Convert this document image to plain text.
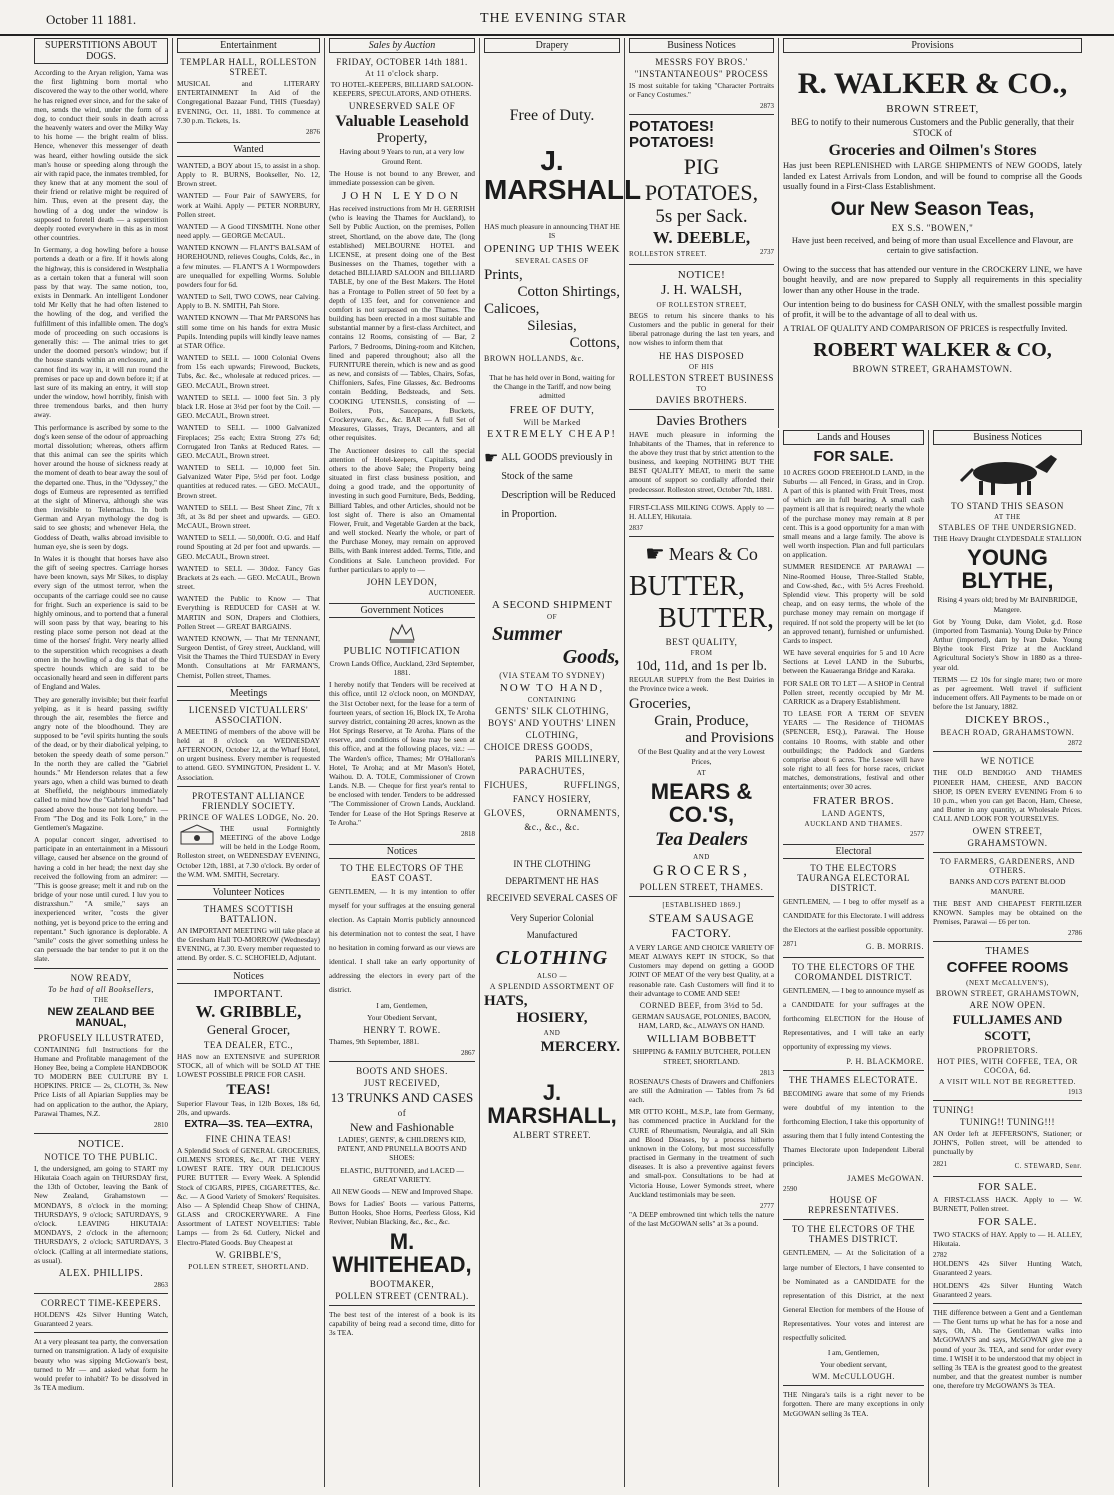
October 11 1881.	THE EVENING STAR
SUPERSTITIONS ABOUT DOGS.

According to the Aryan religion, Yama was the first lightning born mortal who discovered the way to the other world, where he has reigned ever since, and for the sake of men, sends the wind, under the form of a dog, to conduct their souls in death across the heavenly waters and over the Milky Way to his home — the bright realm of bliss. Hence, whenever this messenger of death was heard, either howling outside the sick man's house or speeding along through the air with rapid pace, the inmates trembled, for they knew that at any moment the soul of their friend or relative might be required of him. Thus, even at the present day, the howling of a dog under the window is supposed to foretell death — a superstition deeply rooted everywhere in this as in most other countries.

In Germany, a dog howling before a house portends a death or a fire. If it howls along the highway, this is considered in Westphalia as a certain token that a funeral will soon pass by that way. The same notion, too, exists in Denmark. An intelligent Londoner told Mr Kelly that he had often listened to the howling of the dog, and verified the fulfillment of this infallible omen. The dog's mode of proceeding on such occasions is generally this: — The animal tries to get under the doomed person's window; but if the house stands within an enclosure, and it cannot find its way in, it will run round the premises or pace up and down before it; if at last sure of its making an entry, it will stop under the window, howl horribly, finish with three tremendous barks, and then hurry away.

This performance is ascribed by some to the dog's keen sense of the odour of approaching mortal dissolution; whereas, others affirm that this animal can see the spirits which hover around the house of sickness ready at the moment of death to bear away the soul of the departed one. Thus, in the "Odyssey," the dogs of Eumeus are represented as terrified at the sight of Minerva, although she was then invisible to Telemachus. In both German and Aryan mythology the dog is said to see ghosts; and whenever Hela, the Goddess of Death, walks abroad invisible to human eye, she is seen by dogs.

In Wales it is thought that horses have also the gift of seeing spectres. Carriage horses have been known, says Mr Sikes, to display every sign of the utmost terror, when the occupants of the carriage could see no cause for fright. Such an experience is said to be highly ominous, and to portend that a funeral will soon pass by that way, bearing to his resting place some person not dead at the time of the horses' fright. Very nearly allied to the superstition which recognises a death omen in the howling of a dog is that of the spectre hounds which are said to be occasionally heard and seen in different parts of England and Wales.

They are generally invisible; but their fearful yelping, as it is heard passing swiftly through the air, resembles the fierce and angry note of the bloodhound. They are supposed to be "evil spirits hunting the souls of the dead, or by their diabolical yelping, to betoken the speedy death of some person." In the north they are called the "Gabriel hounds." Mr Henderson relates that a few years ago, when a child was burned to death at Sheffield, the neighbours immediately called to mind how the "Gabriel hounds" had passed above the house not long before. — From "The Dog and its Folk Lore," in the Gentlemen's Magazine.

A popular concert singer, advertised to participate in an entertainment in a Missouri village, caused her absence on the ground of having a cold in her head; the next day she received the following from an admirer: — "This is goose grease; melt it and rub on the bridge of your nose until cured. I luv you to distraxshun." "A smile," says an inexperienced writer, "costs the giver nothing, yet is beyond price to the erring and repentant." Such ignorance is deplorable. A "smile" costs the giver something unless he can persuade the bar tender to put it on the slate.

NOW READY,
To be had of all Booksellers,
THE
NEW ZEALAND BEE MANUAL,
PROFUSELY ILLUSTRATED,

CONTAINING full Instructions for the Humane and Profitable management of the Honey Bee, being a Complete HANDBOOK TO MODERN BEE CULTURE BY I. HOPKINS. PRICE — 2s, CLOTH, 3s. New Price Lists of all Apiarian Supplies may be had on application to the author, the Apiary, Parawai Thames, N.Z.

2810
NOTICE.
NOTICE TO THE PUBLIC.

I, the undersigned, am going to START my Hikutaia Coach again on THURSDAY first, the 13th of October, leaving the Bank of New Zealand, Grahamstown — MONDAYS, 8 o'clock in the morning; THURSDAYS, 9 o'clock; SATURDAYS, 9 o'clock. LEAVING HIKUTAIA: MONDAYS, 2 o'clock in the afternoon; THURSDAYS, 2 o'clock; SATURDAYS, 3 o'clock. (Calling at all intermediate stations, as usual).

ALEX. PHILLIPS.
2863
CORRECT TIME-KEEPERS.

HOLDEN'S 42s Silver Hunting Watch, Guaranteed 2 years.

At a very pleasant tea party, the conversation turned on transmigration. A lady of exquisite beauty who was sipping McGowan's best, turned to Mr — and asked what form he would prefer to inhabit? To be dissolved in 3s TEA medium.

Entertainment
TEMPLAR HALL, ROLLESTON STREET.

MUSICAL and LITERARY ENTERTAINMENT In Aid of the Congregational Bazaar Fund, THIS (Tuesday) EVENING, Oct. 11, 1881. To commence at 7.30 p.m. Tickets, 1s.

2876
Wanted

WANTED, a BOY about 15, to assist in a shop. Apply to R. BURNS, Bookseller, No. 12, Brown street.

WANTED — Four Pair of SAWYERS, for work at Waihi. Apply — PETER NORBURY, Pollen street.

WANTED — A Good TINSMITH. None other need apply. — GEORGE McCAUL.

WANTED KNOWN — FLANT'S BALSAM of HOREHOUND, relieves Coughs, Colds, &c., in a few minutes. — FLANT'S A 1 Wormpowders are unequalled for expelling Worms. Soluble powders four for 6d.

WANTED to Sell, TWO COWS, near Calving. Apply to B. N. SMITH, Pah Store.

WANTED KNOWN — That Mr PARSONS has still some time on his hands for extra Music Pupils. Intending pupils will kindly leave names at STAR Office.

WANTED to SELL — 1000 Colonial Ovens from 15s each upwards; Firewood, Buckets, Tubs, &c. &c., wholesale at reduced prices. — GEO. McCAUL, Brown street.

WANTED to SELL — 1000 feet 5in. 3 ply black I.R. Hose at 3½d per foot by the Coil. — GEO. McCAUL, Brown street.

WANTED to SELL — 1000 Galvanized Fireplaces; 25s each; Extra Strong 27s 6d; Corrugated Iron Tanks at Reduced Rates. — GEO. McCAUL, Brown street.

WANTED to SELL — 10,000 feet 5in. Galvanized Water Pipe, 5½d per foot. Lodge quantities at reduced rates. — GEO. McCAUL, Brown street.

WANTED to SELL — Best Sheet Zinc, 7ft x 3ft, at 3s 8d per sheet and upwards. — GEO. McCAUL, Brown street.

WANTED to SELL — 50,000ft. O.G. and Half round Spouting at 2d per foot and upwards. — GEO. McCAUL, Brown street.

WANTED to SELL — 30doz. Fancy Gas Brackets at 2s each. — GEO. McCAUL, Brown street.

WANTED the Public to Know — That Everything is REDUCED for CASH at W. MARTIN and SON, Drapers and Clothiers, Pollen Street — GREAT BARGAINS.

WANTED KNOWN, — That Mr TENNANT, Surgeon Dentist, of Grey street, Auckland, will Visit the Thames the Third TUESDAY in Every Month. Consultations at Mr FARMAN'S, Chemist, Pollen street, Thames.

Meetings
LICENSED VICTUALLERS' ASSOCIATION.

A MEETING of members of the above will be held at 8 o'clock on WEDNESDAY AFTERNOON, October 12, at the Wharf Hotel, on urgent business. Every member is requested to attend. GEO. SYMINGTON, President L. V. Association.

PROTESTANT ALLIANCE FRIENDLY SOCIETY.
PRINCE OF WALES LODGE, No. 20.

THE usual Fortnightly MEETING of the above Lodge will be held in the Lodge Room, Rolleston street, on WEDNESDAY EVENING, October 12th, 1881, at 7.30 o'clock. By order of the W.M. WM. SMITH, Secretary.

Volunteer Notices
THAMES SCOTTISH BATTALION.

AN IMPORTANT MEETING will take place at the Gresham Hall TO-MORROW (Wednesday) EVENING, at 7.30. Every member requested to attend. By order. S. C. SCHOFIELD, Adjutant.

Notices
IMPORTANT.
W. GRIBBLE,
General Grocer,
TEA DEALER, ETC.,

HAS now an EXTENSIVE and SUPERIOR STOCK, all of which will be SOLD AT THE LOWEST POSSIBLE PRICE FOR CASH.

TEAS!

Superior Flavour Teas, in 12lb Boxes, 18s 6d, 20s, and upwards.

EXTRA—3S. TEA—EXTRA,
FINE CHINA TEAS!

A Splendid Stock of GENERAL GROCERIES, OILMEN'S STORES, &c., AT THE VERY LOWEST RATE. TRY OUR DELICIOUS PURE BUTTER — Every Week. A Splendid Stock of CIGARS, PIPES, CIGARETTES, &c. &c. — A Good Variety of Smokers' Requisites. Also — A Splendid Cheap Show of CHINA, GLASS and CROCKERYWARE. A Fine Assortment of LATEST NOVELTIES: Table Lamps — from 2s 6d. Cutlery, Nickel and Electro-Plated Goods. Buy Cheapest at

W. GRIBBLE'S,
POLLEN STREET, SHORTLAND.
Sales by Auction
FRIDAY, OCTOBER 14th 1881.
At 11 o'clock sharp.

TO HOTEL-KEEPERS, BILLIARD SALOON-KEEPERS, SPECULATORS, AND OTHERS.

UNRESERVED SALE OF
Valuable Leasehold
Property,

Having about 9 Years to run, at a very low Ground Rent.

The House is not bound to any Brewer, and immediate possession can be given.

JOHN LEYDON

Has received instructions from Mr H. GERRISH (who is leaving the Thames for Auckland), to Sell by Public Auction, on the premises, Pollen street, Shortland, on the above date, The (long established) MELBOURNE HOTEL and LICENSE, at present doing one of the Best Businesses on the Thames, together with a detached BILLIARD SALOON and BILLIARD TABLE, by one of the Best Makers. The Hotel has a Frontage to Pollen street of 50 feet by a depth of 135 feet, and for convenience and comfort is not surpassed on the Thames. The building has been erected in a most suitable and substantial manner by a first-class Architect, and contains 12 Rooms, consisting of — Bar, 2 Parlors, 7 Bedrooms, Dining-room and Kitchen, lined and papered throughout; also all the FURNITURE therein, which is new and as good as new, and consists of — Tables, Chairs, Sofas, Chiffoniers, Safes, Fine Glasses, &c. Bedrooms contain Bedding, Bedsteads, and Sets. COOKING UTENSILS, consisting of — Boilers, Pots, Saucepans, Buckets, Crockeryware, &c., &c. BAR — A full Set of Measures, Glasses, Trays, Decanters, and all other requisites.

The Auctioneer desires to call the special attention of Hotel-keepers, Capitalists, and others to the above Sale; the Property being situated in first class business position, and doing a good trade, and the opportunity of investing in such good Furniture, Beds, Bedding, Billiard Tables, and other Articles, should not be lost sight of. There is also an Ornamental Flower, Fruit, and Vegetable Garden at the back, and well stocked. Nearly the whole, or part of the Purchase Money, may remain on approved Bills, with Bank interest added. Terms, Title, and Conditions at Sale. Luncheon provided. For further particulars to apply to —

JOHN LEYDON,
AUCTIONEER.
Government Notices
PUBLIC NOTIFICATION

Crown Lands Office, Auckland, 23rd September, 1881.

I hereby notify that Tenders will be received at this office, until 12 o'clock noon, on MONDAY, the 31st October next, for the lease for a term of fourteen years, of section 16, Block IX, Te Aroha survey district, containing 20 acres, known as the Hot Springs Reserve, at Te Aroha. Plans of the reserve, and conditions of lease may be seen at this office, and at the following places, viz.: — The Warden's office, Thames; Mr O'Halloran's Hotel, Te Aroha; and at Mr Mason's Hotel, Waihou. D. A. TOLE, Commissioner of Crown Lands. N.B. — Cheque for first year's rental to be enclosed with tender. Tenders to be addressed "The Commissioner of Crown Lands, Auckland. Tender for Lease of the Hot Springs Reserve at Te Aroha."

2818
Notices
TO THE ELECTORS OF THE EAST COAST.

GENTLEMEN, — It is my intention to offer myself for your suffrages at the ensuing general election. As Captain Morris publicly announced his determination not to contest the seat, I have no hesitation in coming forward as our views are identical. I shall take an early opportunity of addressing the electors in every part of the district.

I am, Gentlemen,

Your Obedient Servant,

HENRY T. ROWE.

Thames, 9th September, 1881.

2867
BOOTS AND SHOES.
JUST RECEIVED,
13 TRUNKS AND CASES
of
New and Fashionable

LADIES', GENTS', & CHILDREN'S KID, PATENT, AND PRUNELLA BOOTS AND SHOES:

ELASTIC, BUTTONED, and LACED — GREAT VARIETY.

All NEW Goods — NEW and Improved Shape.

Bows for Ladies' Boots — various Patterns, Button Hooks, Shoe Horns, Peerless Gloss, Kid Reviver, Nubian Blacking, &c., &c., &c.

M. WHITEHEAD,
BOOTMAKER,
POLLEN STREET (CENTRAL).

The best test of the interest of a book is its capability of being read a second time, ditto for 3s TEA.

Drapery
Free of Duty.
J. MARSHALL

HAS much pleasure in announcing THAT HE IS

OPENING UP THIS WEEK
SEVERAL CASES OF
Prints,
Cotton Shirtings,
Calicoes,
Silesias,
Cottons,
BROWN HOLLANDS, &c.

That he has held over in Bond, waiting for the Change in the Tariff, and now being admitted

FREE OF DUTY,
Will be Marked
EXTREMELY CHEAP!
☛ ALL GOODS previously in Stock of the same Description will be Reduced in Proportion.

A SECOND SHIPMENT
OF
Summer
Goods,
(VIA STEAM TO SYDNEY)
NOW TO HAND,
CONTAINING
GENTS' SILK CLOTHING,
BOYS' AND YOUTHS' LINEN
CLOTHING,
CHOICE DRESS GOODS,
PARIS MILLINERY,
PARACHUTES,
FICHUES,	RUFFLINGS,
FANCY HOSIERY,
GLOVES,	ORNAMENTS,
&c., &c., &c.

IN THE CLOTHING DEPARTMENT HE HAS RECEIVED SEVERAL CASES OF

Very Superior Colonial Manufactured

CLOTHING
ALSO —
A SPLENDID ASSORTMENT OF
HATS,
HOSIERY,
AND
MERCERY.
J. MARSHALL,
ALBERT STREET.
Business Notices
MESSRS FOY BROS.'
"INSTANTANEOUS" PROCESS

IS most suitable for taking "Character Portraits or Fancy Costumes."

2873
POTATOES! POTATOES!
PIG POTATOES,
5s per Sack.
W. DEEBLE,
ROLLESTON STREET.	2737
NOTICE!
J. H. WALSH,
OF ROLLESTON STREET,

BEGS to return his sincere thanks to his Customers and the public in general for their liberal patronage during the last ten years, and now wishes to inform them that

HE HAS DISPOSED
OF HIS
ROLLESTON STREET BUSINESS
TO
DAVIES BROTHERS.
Davies Brothers

HAVE much pleasure in informing the Inhabitants of the Thames, that in reference to the above they trust that by strict attention to the business, and keeping NOTHING BUT THE BEST QUALITY MEAT, to merit the same amount of support so cordially afforded their predecessor. Rolleston street, October 7th, 1881.

FIRST-CLASS MILKING COWS. Apply to — H. ALLEY, Hikutaia.

2837
☛ Mears & Co
BUTTER,
BUTTER,
BEST QUALITY,
FROM
10d, 11d, and 1s per lb.

REGULAR SUPPLY from the Best Dairies in the Province twice a week.

Groceries,
Grain, Produce,
and Provisions

Of the Best Quality and at the very Lowest Prices,

AT
MEARS & CO.'S,
Tea Dealers
AND
GROCERS,
POLLEN STREET, THAMES.
[ESTABLISHED 1869.]
STEAM SAUSAGE FACTORY.

A VERY LARGE AND CHOICE VARIETY OF MEAT ALWAYS KEPT IN STOCK, So that Customers may depend on getting a GOOD JOINT OF MEAT Of the very best Quality, at a reasonable rate. Cash Customers will find it to their advantage to COME AND SEE!

CORNED BEEF, from 3½d to 5d.

GERMAN SAUSAGE, POLONIES, BACON, HAM, LARD, &c., ALWAYS ON HAND.

WILLIAM BOBBETT

SHIPPING & FAMILY BUTCHER, POLLEN STREET, SHORTLAND.

2813

ROSENAU'S Chests of Drawers and Chiffoniers are still the Admiration — Tables from 7s 6d each.

MR OTTO KOHL, M.S.P., late from Germany, has commenced practice in Auckland for the CURE of Rheumatism, Neuralgia, and all Skin and Blood Diseases, by a process hitherto unknown in the Colony, but most successfully practised in Germany in the treatment of such diseases. It is also a preventive against fevers and small-pox. Consultations to be had at Victoria House, Lower Symonds street, where Auckland testimonials may be seen.

2777

"A DEEP embrowned tint which tells the nature of the last McGOWAN sells" at 3s a pound.

Lands and Houses
FOR SALE.

10 ACRES GOOD FREEHOLD LAND, in the Suburbs — all Fenced, in Grass, and in Crop. A part of this is planted with Fruit Trees, most of which are in full bearing. A small cash payment is all that is required; nearly the whole of the purchase money may remain at 8 per cent. This is a good opportunity for a man with small means and a large family. The above is well worth inspection. Plan and full particulars on application.

SUMMER RESIDENCE AT PARAWAI — Nine-Roomed House, Three-Stalled Stable, and Cow-shed, &c., with 5½ Acres Freehold. Splendid view. This property will be sold cheap, and on easy terms, the whole of the purchase money may remain on mortgage if required. If not sold the property will be let (to an approved tenant), furnished or unfurnished. Cards to inspect.

WE have several enquiries for 5 and 10 Acre Sections at Level LAND in the Suburbs, between the Kauaeranga Bridge and Karaka.

FOR SALE OR TO LET — A SHOP in Central Pollen street, recently occupied by Mr M. CARRICK as a Drapery Establishment.

TO LEASE FOR A TERM OF SEVEN YEARS — The Residence of THOMAS (SPENCER, ESQ.), Parawai. The House contains 10 Rooms, with stable and other outbuildings; the Paddock and Gardens comprise about 6 acres. The Lessee will have sole right to all fees for horse races, cricket matches, demonstrations, festival and other entertainments; over 30 acres.

FRATER BROS.
LAND AGENTS,
AUCKLAND AND THAMES.
2577
Electoral
TO THE ELECTORS TAURANGA ELECTORAL DISTRICT.

GENTLEMEN, — I beg to offer myself as a CANDIDATE for this Electorate. I will address the Electors at the earliest possible opportunity.

2871	G. B. MORRIS.
TO THE ELECTORS OF THE COROMANDEL DISTRICT.

GENTLEMEN, — I beg to announce myself as a CANDIDATE for your suffrages at the forthcoming ELECTION for the House of Representatives, and I will take an early opportunity of expressing my views.

P. H. BLACKMORE.
THE THAMES ELECTORATE.

BECOMING aware that some of my Friends were doubtful of my intention to the forthcoming Election, I take this opportunity of assuring them that I fully intend Contesting the Thames Electorate upon Independent Liberal principles.

JAMES McGOWAN.
2590
HOUSE OF REPRESENTATIVES.
TO THE ELECTORS OF THE THAMES DISTRICT.

GENTLEMEN, — At the Solicitation of a large number of Electors, I have consented to be Nominated as a CANDIDATE for the representation of this District, at the next General Election for members of the House of Representatives. Your votes and interest are respectfully solicited.

I am, Gentlemen,

Your obedient servant,

WM. McCULLOUGH.

THE Ningara's tails is a right never to be forgotten. There are many exceptions in only McGOWAN selling 3s TEA.

Provisions
R. WALKER & CO.,
BROWN STREET,

BEG to notify to their numerous Customers and the Public generally, that their STOCK of

Groceries and Oilmen's Stores

Has just been REPLENISHED with LARGE SHIPMENTS of NEW GOODS, lately landed ex Latest Arrivals from London, and will be found to comprise all the Goods usually found in a First-Class Establishment.

Our New Season Teas,
EX S.S. "BOWEN,"

Have just been received, and being of more than usual Excellence and Flavour, are certain to give satisfaction.

Owing to the success that has attended our venture in the CROCKERY LINE, we have bought heavily, and are now prepared to Supply all requirements in this speciality lower than any other House in the trade.

Our intention being to do business for CASH ONLY, with the smallest possible margin of profit, it will be to the advantage of all to deal with us.

A TRIAL OF QUALITY AND COMPARISON OF PRICES is respectfully Invited.

ROBERT WALKER & CO,
BROWN STREET, GRAHAMSTOWN.
Business Notices
TO STAND THIS SEASON
AT THE
STABLES OF THE UNDERSIGNED.

THE Heavy Draught CLYDESDALE STALLION

YOUNG BLYTHE,

Rising 4 years old; bred by Mr BAINBRIDGE, Mangere.

Got by Young Duke, dam Violet, g.d. Rose (imported from Tasmania). Young Duke by Prince Arthur (imported), dam by Ivan Duke. Young Blythe took First Prize at the Auckland Agricultural Society's Show in 1880 as a three-year old.

TERMS — £2 10s for single mare; two or more as per agreement. Well travel if sufficient inducement offers. All Payments to be made on or before the 1st January, 1882.

DICKEY BROS.,
BEACH ROAD, GRAHAMSTOWN.
2872
WE NOTICE

THE OLD BENDIGO AND THAMES PIONEER HAM, CHEESE, AND BACON SHOP, IS OPEN EVERY EVENING From 6 to 10 p.m., when you can get Bacon, Ham, Cheese, and Butter in any quantity, at Wholesale Prices. CALL AND LOOK FOR YOURSELVES.

OWEN STREET,
GRAHAMSTOWN.
TO FARMERS, GARDENERS, AND OTHERS.

BANKS AND CO'S PATENT BLOOD MANURE.

THE BEST AND CHEAPEST FERTILIZER KNOWN. Samples may be obtained on the Premises, Parawai — £6 per ton.

2786
THAMES
COFFEE ROOMS
(NEXT McCALLVEN'S),
BROWN STREET, GRAHAMSTOWN,
ARE NOW OPEN.
FULLJAMES AND SCOTT,
PROPRIETORS.
HOT PIES, WITH COFFEE, TEA, OR COCOA, 6d.
A VISIT WILL NOT BE REGRETTED.
1913
TUNING!
TUNING!! TUNING!!!

AN Order left at JEFFERSON'S, Stationer; or JOHN'S, Pollen street, will be attended to punctually by

2821	C. STEWARD, Senr.
FOR SALE.

A FIRST-CLASS HACK. Apply to — W. BURNETT, Pollen street.

FOR SALE.

TWO STACKS of HAY. Apply to — H. ALLEY, Hikutaia.

2782

HOLDEN'S 42s Silver Hunting Watch, Guaranteed 2 years.

HOLDEN'S 42s Silver Hunting Watch Guaranteed 2 years.

THE difference between a Gent and a Gentleman — The Gent turns up what he has for a nose and says, Oh, Ah. The Gentleman walks into McGOWAN'S and says, McGOWAN give me a pound of your 3s. TEA, and send for order every time. I WISH it to be understood that my object in selling 3s TEA is the greatest good to the greatest number, and that the greatest number is number one, therefore try McGOWAN'S 3s TEA.
